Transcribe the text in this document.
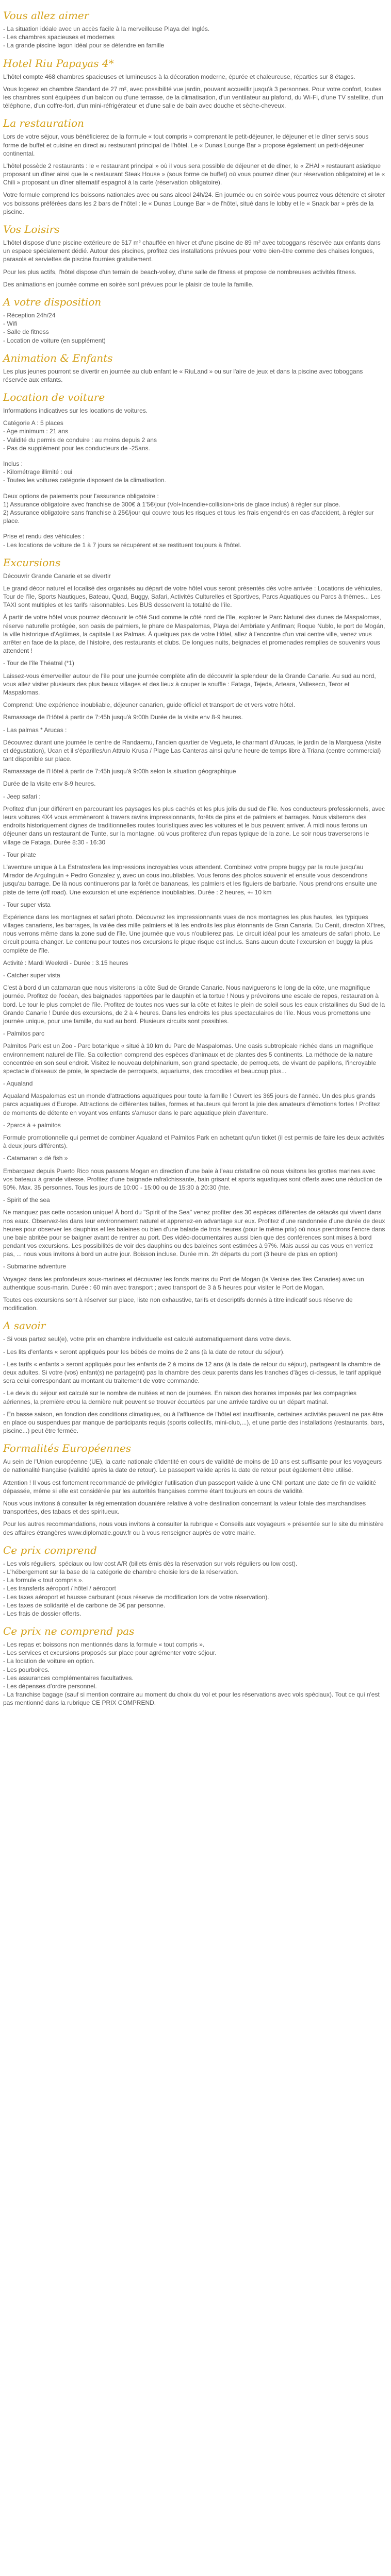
Vous allez aimer
- La situation idéale avec un accès facile à la merveilleuse Playa del Inglés.
- Les chambres spacieuses et modernes
- La grande piscine lagon idéal pour se détendre en famille
Hotel Riu Papayas 4*

L'hôtel compte 468 chambres spacieuses et lumineuses à la décoration moderne, épurée et chaleureuse, réparties sur 8 étages.

Vous logerez en chambre Standard de 27 m², avec possibilité vue jardin, pouvant accueillir jusqu'à 3 personnes. Pour votre confort, toutes les chambres sont équipées d'un balcon ou d'une terrasse, de la climatisation, d'un ventilateur au plafond, du Wi-Fi, d'une TV satellite, d'un téléphone, d'un coffre-fort, d'un mini-réfrigérateur et d'une salle de bain avec douche et sèche-cheveux.

La restauration

Lors de votre séjour, vous bénéficierez de la formule « tout compris » comprenant le petit-déjeuner, le déjeuner et le dîner servis sous forme de buffet et cuisine en direct au restaurant principal de l'hôtel. Le « Dunas Lounge Bar » propose également un petit-déjeuner continental.

L'hôtel possède 2 restaurants : le « restaurant principal » où il vous sera possible de déjeuner et de dîner, le « ZHAI » restaurant asiatique proposant un dîner ainsi que le « restaurant Steak House » (sous forme de buffet) où vous pourrez dîner (sur réservation obligatoire) et le « Chili » proposant un dîner alternatif espagnol à la carte (réservation obligatoire).

Votre formule comprend les boissons nationales avec ou sans alcool 24h/24. En journée ou en soirée vous pourrez vous détendre et siroter vos boissons préférées dans les 2 bars de l'hôtel : le « Dunas Lounge Bar » de l'hôtel, situé dans le lobby et le « Snack bar » près de la piscine.

Vos Loisirs

L'hôtel dispose d'une piscine extérieure de 517 m² chauffée en hiver et d'une piscine de 89 m² avec toboggans réservée aux enfants dans un espace spécialement dédié. Autour des piscines, profitez des installations prévues pour votre bien-être comme des chaises longues, parasols et serviettes de piscine fournies gratuitement.

Pour les plus actifs, l'hôtel dispose d'un terrain de beach-volley, d'une salle de fitness et propose de nombreuses activités fitness.

Des animations en journée comme en soirée sont prévues pour le plaisir de toute la famille.

A votre disposition
- Réception 24h/24
- Wifi
- Salle de fitness
- Location de voiture (en supplément)
Animation & Enfants

Les plus jeunes pourront se divertir en journée au club enfant le « RiuLand » ou sur l'aire de jeux et dans la piscine avec toboggans réservée aux enfants.

Location de voiture

Informations indicatives sur les locations de voitures.

Catégorie A : 5 places
- Age minimum : 21 ans
- Validité du permis de conduire : au moins depuis 2 ans
- Pas de supplément pour les conducteurs de -25ans.
Inclus :
- Kilométrage illimité : oui
- Toutes les voitures catégorie disposent de la climatisation.
Deux options de paiements pour l'assurance obligatoire :
1) Assurance obligatoire avec franchise de 300€ à 1'5€/jour (Vol+Incendie+collision+bris de glace inclus) à régler sur place.
2) Assurance obligatoire sans franchise à 25€/jour qui couvre tous les risques et tous les frais engendrés en cas d'accident, à régler sur place.
Prise et rendu des véhicules :
- Les locations de voiture de 1 à 7 jours se récupèrent et se restituent toujours à l'hôtel.
Excursions

Découvrir Grande Canarie et se divertir

Le grand décor naturel et localisé des organisés au départ de votre hôtel vous seront présentés dès votre arrivée : Locations de véhicules, Tour de l'île, Sports Nautiques, Bateau, Quad, Buggy, Safari, Activités Culturelles et Sportives, Parcs Aquatiques ou Parcs à thèmes... Les TAXI sont multiples et les tarifs raisonnables. Les BUS desservent la totalité de l'île.

À partir de votre hôtel vous pourrez découvrir le côté Sud comme le côté nord de l'île, explorer le Parc Naturel des dunes de Maspalomas, réserve naturelle protégée, son oasis de palmiers, le phare de Maspalomas, Playa del Ambriate y Anfiman; Roque Nublo, le port de Mogán, la ville historique d'Agüimes, la capitale Las Palmas. À quelques pas de votre Hôtel, allez à l'encontre d'un vrai centre ville, venez vous arrêter en face de la place, de l'histoire, des restaurants et clubs. De longues nuits, beignades et promenades remplies de souvenirs vous attendent !

- Tour de l'île Théatral (*1)

Laissez-vous émerveiller autour de l'île pour une journée complète afin de découvrir la splendeur de la Grande Canarie. Au sud au nord, vous allez visiter plusieurs des plus beaux villages et des lieux à couper le souffle : Fataga, Tejeda, Arteara, Valleseco, Teror et Maspalomas.

Comprend: Une expérience inoubliable, déjeuner canarien, guide officiel et transport de et vers votre hôtel.

Ramassage de l'Hôtel à partir de 7:45h jusqu'à 9:00h Durée de la visite env 8-9 heures.

- Las palmas * Arucas :

Découvrez durant une journée le centre de Randaemu, l'ancien quartier de Vegueta, le charmant d'Arucas, le jardin de la Marquesa (visite et dégustation), Ucan et il s'éparilles/un Attrulo Krusa / Plage Las Canteras ainsi qu'une heure de temps libre à Triana (centre commercial) tant disponible sur place.

Ramassage de l'Hôtel à partir de 7:45h jusqu'à 9:00h selon la situation géographique

Durée de la visite env 8-9 heures.

- Jeep safari :

Profitez d'un jour différent en parcourant les paysages les plus cachés et les plus jolis du sud de l'île. Nos conducteurs professionnels, avec leurs voitures 4X4 vous emmèneront à travers ravins impressionnants, forêts de pins et de palmiers et barrages. Nous visiterons des endroits historiquement dignes de traditionnelles routes touristiques avec les voitures et le bus peuvent arriver. À midi nous ferons un déjeuner dans un restaurant de Tunte, sur la montagne, où vous profiterez d'un repas typique de la zone. Le soir nous traverserons le village de Fataga. Durée 8:30 - 16:30

- Tour pirate

L'aventure unique à La Estratosfera les impressions incroyables vous attendent. Combinez votre propre buggy par la route jusqu'au Mirador de Argulnguin + Pedro Gonzalez y, avec un cous inoubliables. Vous ferons des photos souvenir et ensuite vous descendrons jusqu'au barrage. De là nous continuerons par la forêt de bananeas, les palmiers et les figuiers de barbarie. Nous prendrons ensuite une piste de terre (off road). Une excursion et une expérience inoubliables. Durée : 2 heures, +- 10 km

- Tour super vista

Expérience dans les montagnes et safari photo. Découvrez les impressionnants vues de nos montagnes les plus hautes, les typiques villages canariens, les barrages, la valée des mille palmiers et là les endroits les plus étonnants de Gran Canaria. Du Cenit, directon XI'tres, nous verrons même dans la zone sud de l'île. Une journée que vous n'oublierez pas. Le circuit idéal pour les amateurs de safari photo. Le circuit pourra changer. Le contenu pour toutes nos excursions le plque risque est inclus. Sans aucun doute l'excursion en buggy la plus complète de l'île.

Activité : Mardi Weekrdi - Durée : 3.15 heures

- Catcher super vista

C'est à bord d'un catamaran que nous visiterons la côte Sud de Grande Canarie. Nous naviguerons le long de la côte, une magnifique journée. Profitez de l'océan, des baignades rapportées par le dauphin et la tortue ! Nous y prévoirons une escale de repos, restauration à bord. Le tour le plus complet de l'île. Profitez de toutes nos vues sur la côte et faites le plein de soleil sous les eaux cristallines du Sud de la Grande Canarie ! Durée des excursions, de 2 à 4 heures. Dans les endroits les plus spectaculaires de l'île. Nous vous promettons une journée unique, pour une famille, du sud au bord. Plusieurs circuits sont possibles.

- Palmitos parc

Palmitos Park est un Zoo - Parc botanique « situé à 10 km du Parc de Maspalomas. Une oasis subtropicale nichée dans un magnifique environnement naturel de l'île. Sa collection comprend des espèces d'animaux et de plantes des 5 continents. La méthode de la nature concentrée en son seul endroit. Visitez le nouveau delphinarium, son grand spectacle, de perroquets, de vivant de papillons, l'incroyable spectacle d'oiseaux de proie, le spectacle de perroquets, aquariums, des crocodiles et beaucoup plus...

- Aqualand

Aqualand Maspalomas est un monde d'attractions aquatiques pour toute la famille ! Ouvert les 365 jours de l'année. Un des plus grands parcs aquatiques d'Europe. Attractions de différentes tailles, formes et hauteurs qui feront la joie des amateurs d'émotions fortes ! Profitez de moments de détente en voyant vos enfants s'amuser dans le parc aquatique plein d'aventure.

- 2parcs à + palmitos

Formule promotionnelle qui permet de combiner Aqualand et Palmitos Park en achetant qu'un ticket (il est permis de faire les deux activités à deux jours différents).

- Catamaran « dé fish »

Embarquez depuis Puerto Rico nous passons Mogan en direction d'une baie à l'eau cristalline où nous visitons les grottes marines avec vos bateaux à grande vitesse. Profitez d'une baignade rafraîchissante, bain grisant et sports aquatiques sont offerts avec une réduction de 50%. Max. 35 personnes. Tous les jours de 10:00 - 15:00 ou de 15:30 à 20:30 (hte.

- Spirit of the sea

Ne manquez pas cette occasion unique! À bord du "Spirit of the Sea" venez profiter des 30 espèces différentes de cétacés qui vivent dans nos eaux. Observez-les dans leur environnement naturel et apprenez-en advantage sur eux. Profitez d'une randonnée d'une durée de deux heures pour observer les dauphins et les baleines ou bien d'une balade de trois heures (pour le même prix) où nous prendrons l'encre dans une baie abritée pour se baigner avant de rentrer au port. Des vidéo-documentaires aussi bien que des conférences sont mises à bord pendant vos excursions. Les possibilités de voir des dauphins ou des baleines sont estimées à 97%. Mais aussi au cas vous en verriez pas, ... nous vous invitons à bord un autre jour. Boisson incluse. Durée min. 2h départs du port (3 heure de plus en option)

- Submarine adventure

Voyagez dans les profondeurs sous-marines et découvrez les fonds marins du Port de Mogan (la Venise des îles Canaries) avec un authentique sous-marin. Durée : 60 min avec transport ; avec transport de 3 à 5 heures pour visiter le Port de Mogan.

Toutes ces excursions sont à réserver sur place, liste non exhaustive, tarifs et descriptifs donnés à titre indicatif sous réserve de modification.

A savoir

- Si vous partez seul(e), votre prix en chambre individuelle est calculé automatiquement dans votre devis.

- Les lits d'enfants « seront appliqués pour les bébés de moins de 2 ans (à la date de retour du séjour).

- Les tarifs « enfants » seront appliqués pour les enfants de 2 à moins de 12 ans (à la date de retour du séjour), partageant la chambre de deux adultes. Si votre (vos) enfant(s) ne partage(nt) pas la chambre des deux parents dans les tranches d'âges ci-dessus, le tarif appliqué sera celui correspondant au montant du traitement de votre commande.

- Le devis du séjour est calculé sur le nombre de nuitées et non de journées. En raison des horaires imposés par les compagnies aériennes, la première et/ou la dernière nuit peuvent se trouver écourtées par une arrivée tardive ou un départ matinal.

- En basse saison, en fonction des conditions climatiques, ou à l'affluence de l'hôtel est insuffisante, certaines activités peuvent ne pas être en place ou suspendues par manque de participants requis (sports collectifs, mini-club,...), et une partie des installations (restaurants, bars, piscine...) peut être fermée.

Formalités Européennes

Au sein de l'Union européenne (UE), la carte nationale d'identité en cours de validité de moins de 10 ans est suffisante pour les voyageurs de nationalité française (validité après la date de retour). Le passeport valide après la date de retour peut également être utilisé.

Attention ! Il vous est fortement recommandé de privilégier l'utilisation d'un passeport valide à une CNI portant une date de fin de validité dépassée, même si elle est considérée par les autorités françaises comme étant toujours en cours de validité.

Nous vous invitons à consulter la réglementation douanière relative à votre destination concernant la valeur totale des marchandises transportées, des tabacs et des spiritueux.

Pour les autres recommandations, nous vous invitons à consulter la rubrique « Conseils aux voyageurs » présentée sur le site du ministère des affaires étrangères www.diplomatie.gouv.fr ou à vous renseigner auprès de votre mairie.

Ce prix comprend
- Les vols réguliers, spéciaux ou low cost A/R (billets émis dès la réservation sur vols réguliers ou low cost).
- L'hébergement sur la base de la catégorie de chambre choisie lors de la réservation.
- La formule « tout compris ».
- Les transferts aéroport / hôtel / aéroport
- Les taxes aéroport et hausse carburant (sous réserve de modification lors de votre réservation).
- Les taxes de solidarité et de carbone de 3€ par personne.
- Les frais de dossier offerts.
Ce prix ne comprend pas
- Les repas et boissons non mentionnés dans la formule « tout compris ».
- Les services et excursions proposés sur place pour agrémenter votre séjour.
- La location de voiture en option.
- Les pourboires.
- Les assurances complémentaires facultatives.
- Les dépenses d'ordre personnel.
- La franchise bagage (sauf si mention contraire au moment du choix du vol et pour les réservations avec vols spéciaux). Tout ce qui n'est pas mentionné dans la rubrique CE PRIX COMPREND.
